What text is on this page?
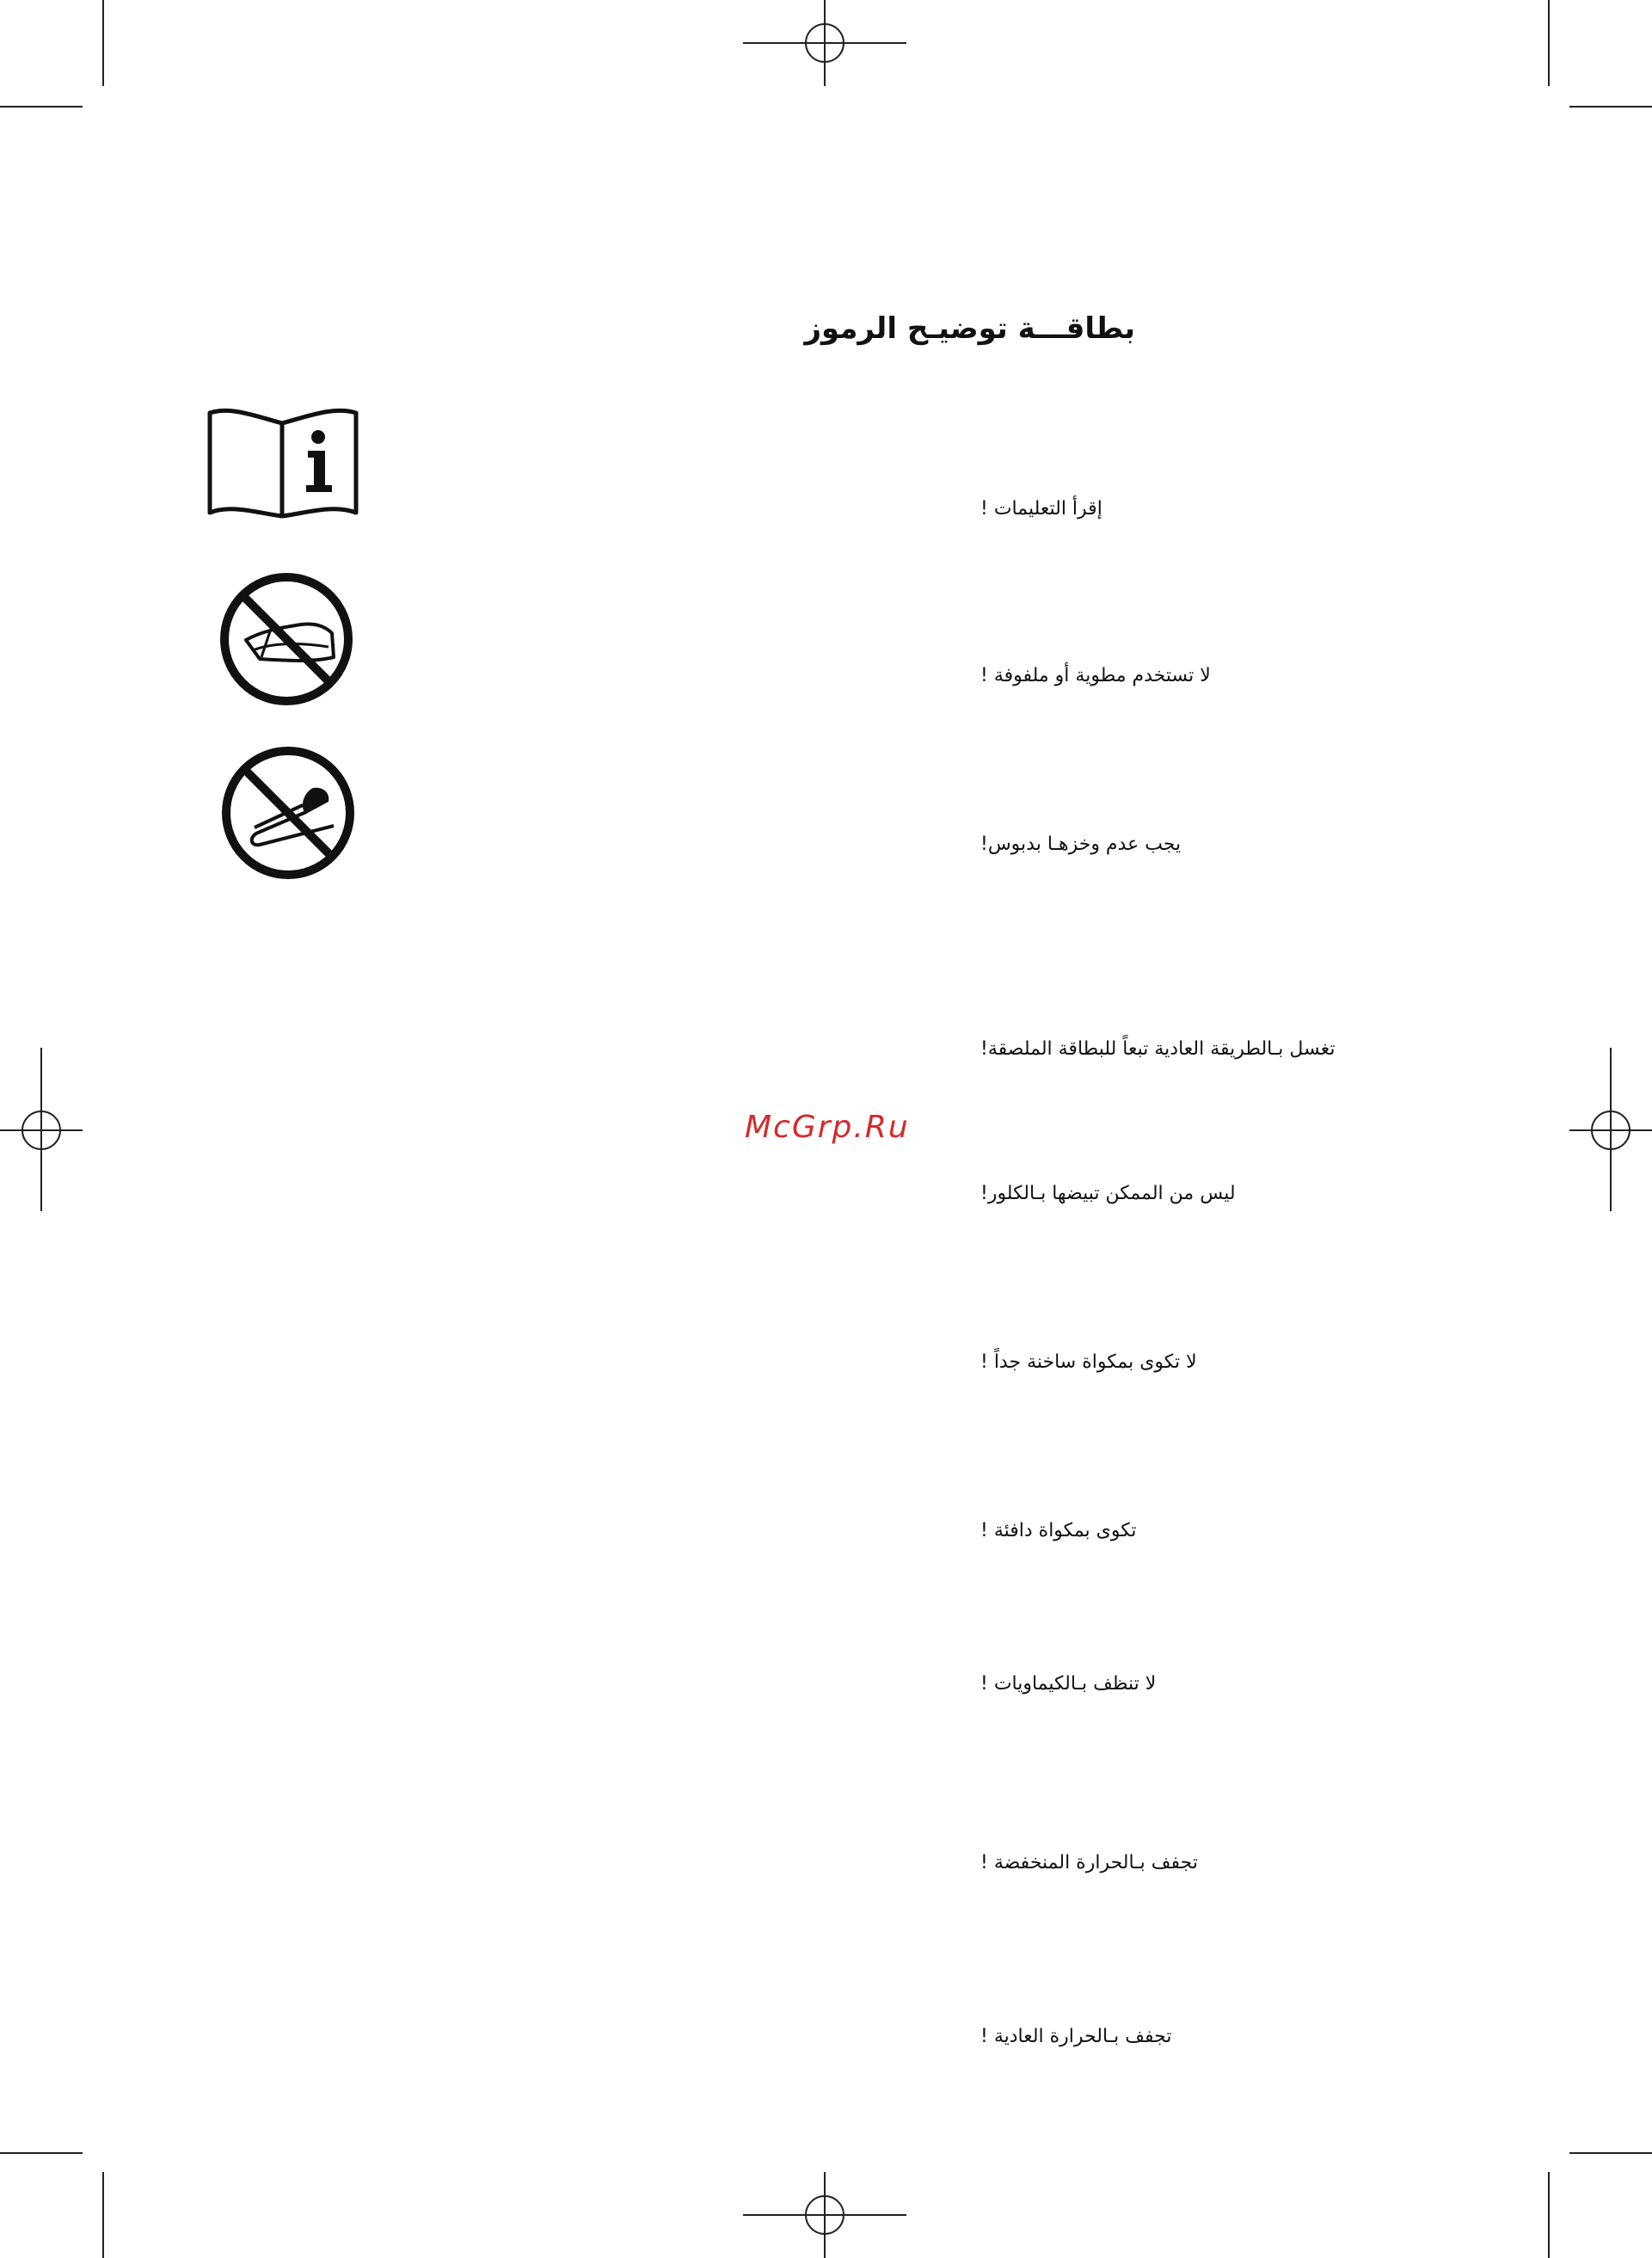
بطاقـــة توضيـح الرموز
إقرأ التعليمات !
لا تستخدم مطوية أو ملفوفة !
يجب عدم وخزهـا بدبوس!
تغسل بـالطريقة العادية تبعاً للبطاقة الملصقة!
ليس من الممكن تبيضها بـالكلور!
لا تكوى بمكواة ساخنة جداً !
تكوى بمكواة دافئة !
لا تنظف بـالكيماويات !
تجفف بـالحرارة المنخفضة !
تجفف بـالحرارة العادية !
McGrp.Ru
